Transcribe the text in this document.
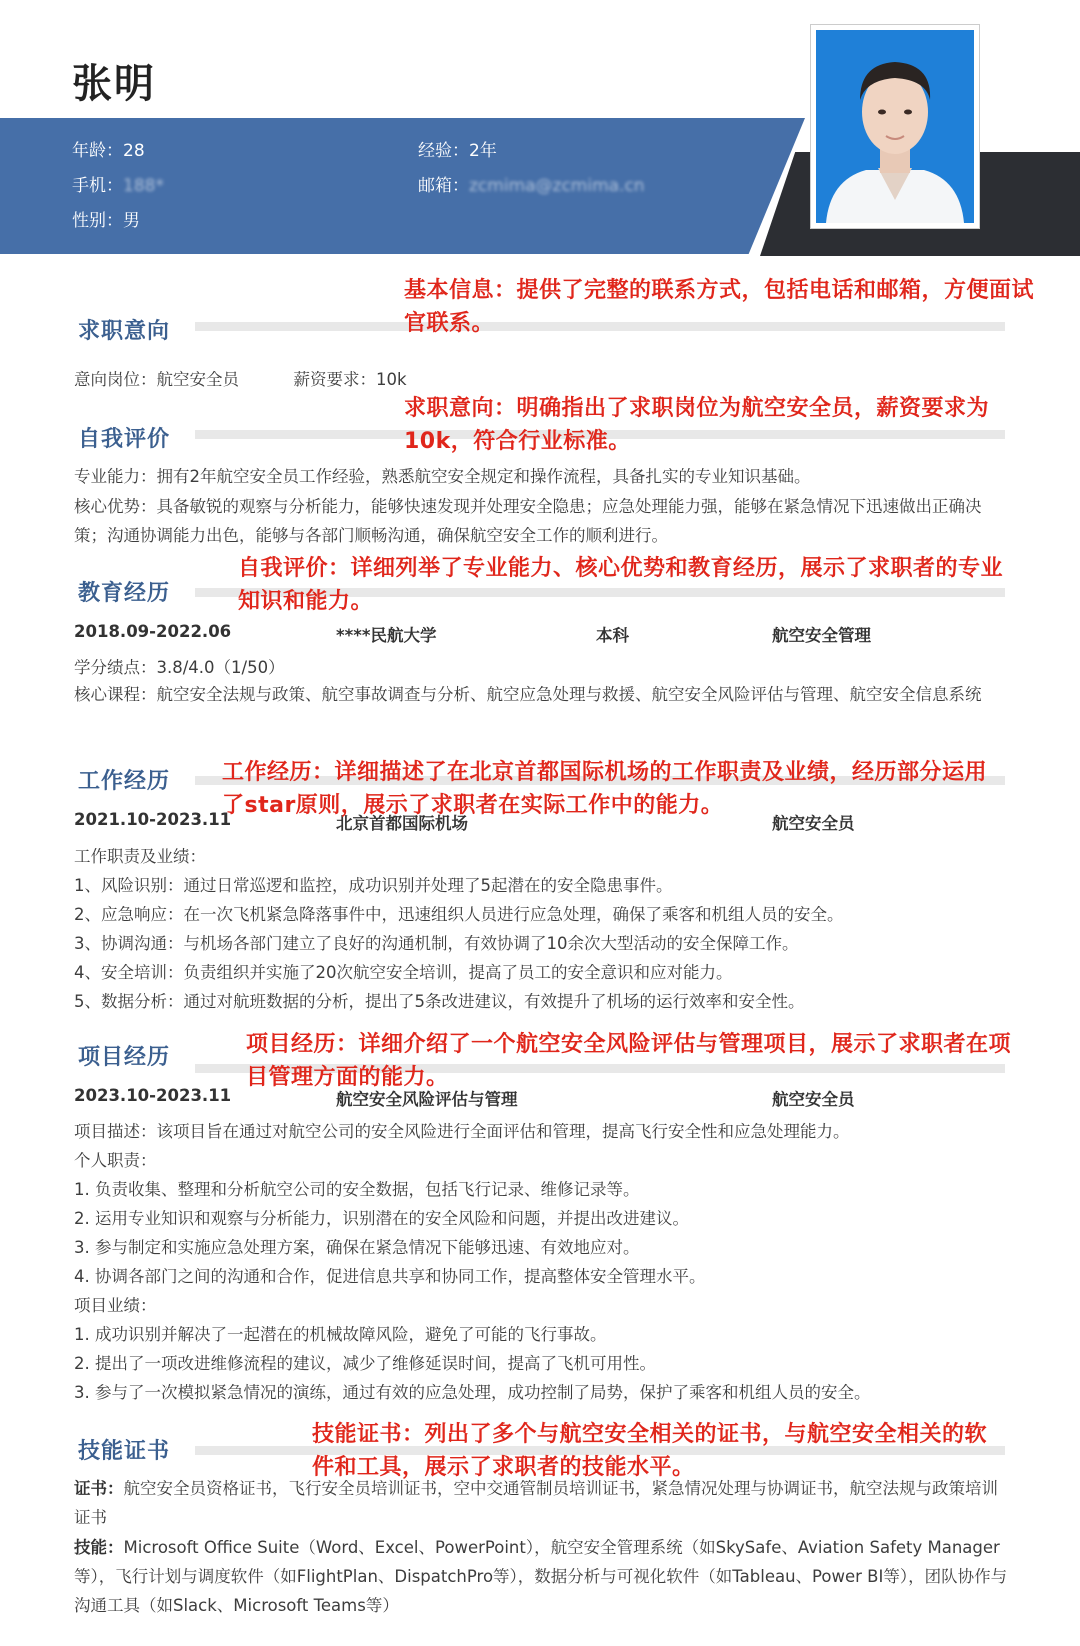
张明
年龄：28	经验：2年
手机：188*	邮箱：zcmima@zcmima.cn
性别：男
求职意向
意向岗位：航空安全员	薪资要求：10k
自我评价
专业能力：拥有2年航空安全员工作经验，熟悉航空安全规定和操作流程，具备扎实的专业知识基础。
核心优势：具备敏锐的观察与分析能力，能够快速发现并处理安全隐患；应急处理能力强，能够在紧急情况下迅速做出正确决策；沟通协调能力出色，能够与各部门顺畅沟通，确保航空安全工作的顺利进行。
教育经历
2018.09-2022.06	****民航大学	本科	航空安全管理
学分绩点：3.8/4.0（1/50）
核心课程：航空安全法规与政策、航空事故调查与分析、航空应急处理与救援、航空安全风险评估与管理、航空安全信息系统
工作经历
2021.10-2023.11	北京首都国际机场	航空安全员
工作职责及业绩：
1、风险识别：通过日常巡逻和监控，成功识别并处理了5起潜在的安全隐患事件。
2、应急响应：在一次飞机紧急降落事件中，迅速组织人员进行应急处理，确保了乘客和机组人员的安全。
3、协调沟通：与机场各部门建立了良好的沟通机制，有效协调了10余次大型活动的安全保障工作。
4、安全培训：负责组织并实施了20次航空安全培训，提高了员工的安全意识和应对能力。
5、数据分析：通过对航班数据的分析，提出了5条改进建议，有效提升了机场的运行效率和安全性。
项目经历
2023.10-2023.11	航空安全风险评估与管理	航空安全员
项目描述：该项目旨在通过对航空公司的安全风险进行全面评估和管理，提高飞行安全性和应急处理能力。
个人职责：
1. 负责收集、整理和分析航空公司的安全数据，包括飞行记录、维修记录等。
2. 运用专业知识和观察与分析能力，识别潜在的安全风险和问题，并提出改进建议。
3. 参与制定和实施应急处理方案，确保在紧急情况下能够迅速、有效地应对。
4. 协调各部门之间的沟通和合作，促进信息共享和协同工作，提高整体安全管理水平。
项目业绩：
1. 成功识别并解决了一起潜在的机械故障风险，避免了可能的飞行事故。
2. 提出了一项改进维修流程的建议，减少了维修延误时间，提高了飞机可用性。
3. 参与了一次模拟紧急情况的演练，通过有效的应急处理，成功控制了局势，保护了乘客和机组人员的安全。
技能证书
证书：航空安全员资格证书，飞行安全员培训证书，空中交通管制员培训证书，紧急情况处理与协调证书，航空法规与政策培训证书
技能：Microsoft Office Suite（Word、Excel、PowerPoint），航空安全管理系统（如SkySafe、Aviation Safety Manager等），飞行计划与调度软件（如FlightPlan、DispatchPro等），数据分析与可视化软件（如Tableau、Power BI等），团队协作与沟通工具（如Slack、Microsoft Teams等）
基本信息：提供了完整的联系方式，包括电话和邮箱，方便面试官联系。
求职意向：明确指出了求职岗位为航空安全员，薪资要求为10k，符合行业标准。
自我评价：详细列举了专业能力、核心优势和教育经历，展示了求职者的专业知识和能力。
工作经历：详细描述了在北京首都国际机场的工作职责及业绩，经历部分运用了star原则，展示了求职者在实际工作中的能力。
项目经历：详细介绍了一个航空安全风险评估与管理项目，展示了求职者在项目管理方面的能力。
技能证书：列出了多个与航空安全相关的证书，与航空安全相关的软件和工具，展示了求职者的技能水平。
